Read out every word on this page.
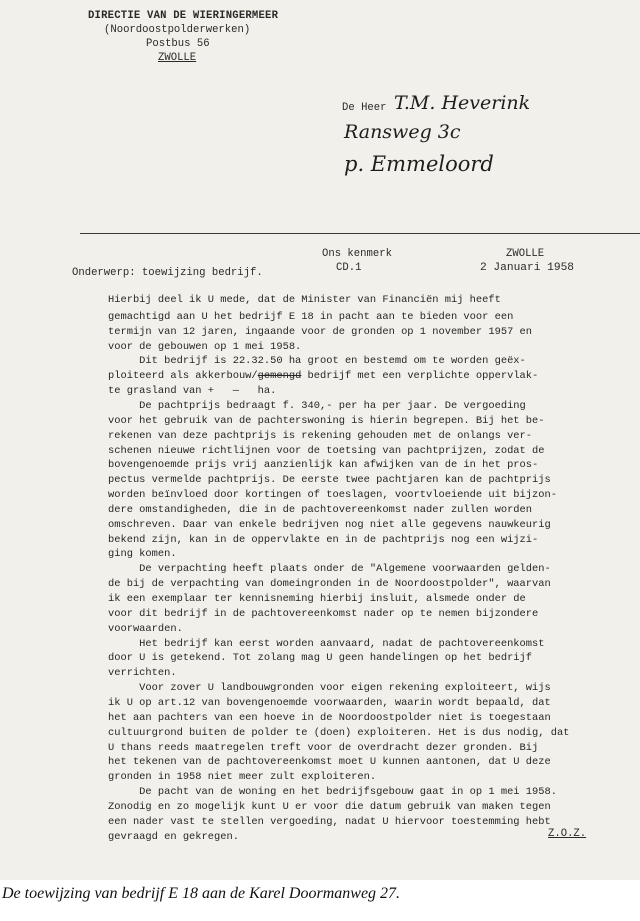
DIRECTIE VAN DE WIERINGERMEER
(Noordoostpolderwerken)
Postbus 56
ZWOLLE
De Heer T.M. Heverink
Ransweg 3c
p. Emmeloord
Ons kenmerk
CD.1
ZWOLLE
2 Januari 1958
Onderwerp: toewijzing bedrijf.
Hierbij deel ik U mede, dat de Minister van Financiën mij heeft
gemachtigd aan U het bedrijf E 18 in pacht aan te bieden voor een
termijn van 12 jaren, ingaande voor de gronden op 1 november 1957 en
voor de gebouwen op 1 mei 1958.
Dit bedrijf is 22.32.50 ha groot en bestemd om te worden geëx-
ploiteerd als akkerbouw/gemengd bedrijf met een verplichte oppervlak-
te grasland van +   —   ha.
De pachtprijs bedraagt f. 340,- per ha per jaar. De vergoeding
voor het gebruik van de pachterswoning is hierin begrepen. Bij het be-
rekenen van deze pachtprijs is rekening gehouden met de onlangs ver-
schenen nieuwe richtlijnen voor de toetsing van pachtprijzen, zodat de
bovengenoemde prijs vrij aanzienlijk kan afwijken van de in het pros-
pectus vermelde pachtprijs. De eerste twee pachtjaren kan de pachtprijs
worden beïnvloed door kortingen of toeslagen, voortvloeiende uit bijzon-
dere omstandigheden, die in de pachtovereenkomst nader zullen worden
omschreven. Daar van enkele bedrijven nog niet alle gegevens nauwkeurig
bekend zijn, kan in de oppervlakte en in de pachtprijs nog een wijzi-
ging komen.
De verpachting heeft plaats onder de "Algemene voorwaarden gelden-
de bij de verpachting van domeingronden in de Noordoostpolder", waarvan
ik een exemplaar ter kennisneming hierbij insluit, alsmede onder de
voor dit bedrijf in de pachtovereenkomst nader op te nemen bijzondere
voorwaarden.
Het bedrijf kan eerst worden aanvaard, nadat de pachtovereenkomst
door U is getekend. Tot zolang mag U geen handelingen op het bedrijf
verrichten.
Voor zover U landbouwgronden voor eigen rekening exploiteert, wijs
ik U op art.12 van bovengenoemde voorwaarden, waarin wordt bepaald, dat
het aan pachters van een hoeve in de Noordoostpolder niet is toegestaan
cultuurgrond buiten de polder te (doen) exploiteren. Het is dus nodig, dat
U thans reeds maatregelen treft voor de overdracht dezer gronden. Bij
het tekenen van de pachtovereenkomst moet U kunnen aantonen, dat U deze
gronden in 1958 niet meer zult exploiteren.
De pacht van de woning en het bedrijfsgebouw gaat in op 1 mei 1958.
Zonodig en zo mogelijk kunt U er voor die datum gebruik van maken tegen
een nader vast te stellen vergoeding, nadat U hiervoor toestemming hebt
gevraagd en gekregen.	Z.O.Z.
De toewijzing van bedrijf E 18 aan de Karel Doormanweg 27.
